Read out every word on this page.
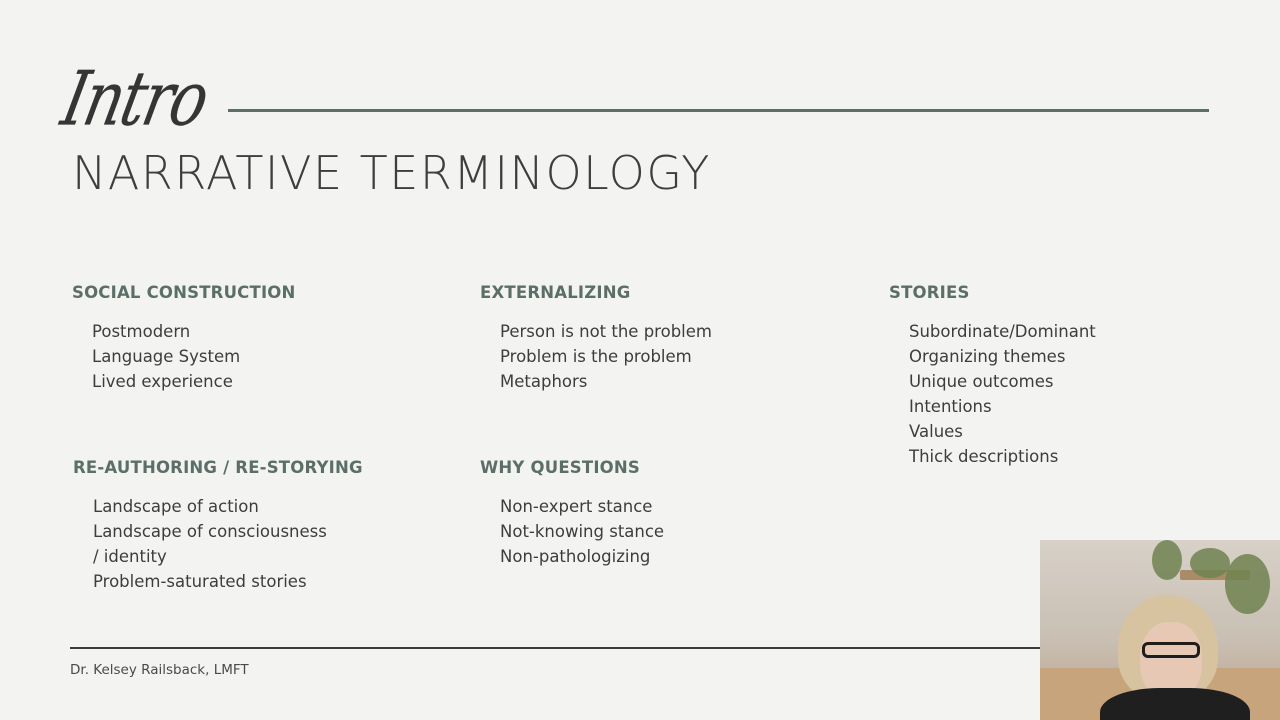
Intro
NARRATIVE TERMINOLOGY
SOCIAL CONSTRUCTION
Postmodern
Language System
Lived experience
EXTERNALIZING
Person is not the problem
Problem is the problem
Metaphors
STORIES
Subordinate/Dominant
Organizing themes
Unique outcomes
Intentions
Values
Thick descriptions
RE-AUTHORING / RE-STORYING
Landscape of action
Landscape of consciousness
/ identity
Problem-saturated stories
WHY QUESTIONS
Non-expert stance
Not-knowing stance
Non-pathologizing
Dr. Kelsey Railsback, LMFT
